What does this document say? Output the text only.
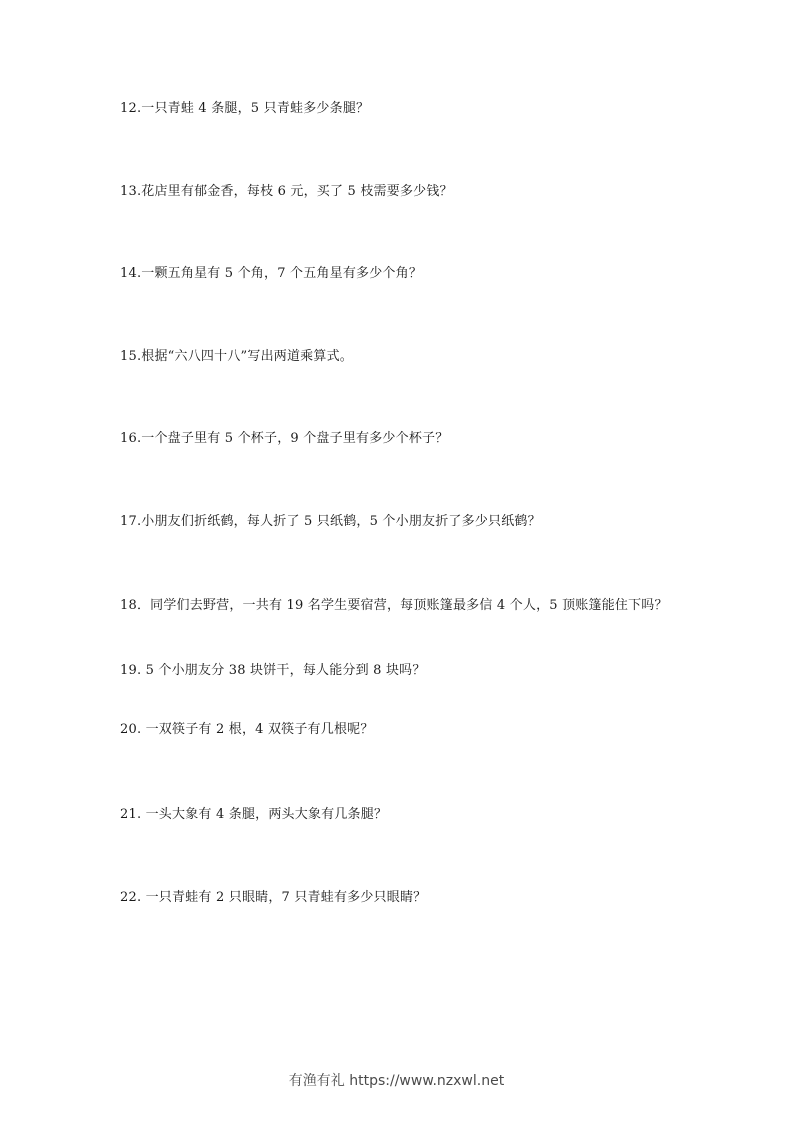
12.一只青蛙 4 条腿，5 只青蛙多少条腿？
13.花店里有郁金香，每枝 6 元，买了 5 枝需要多少钱？
14.一颗五角星有 5 个角，7 个五角星有多少个角？
15.根据“六八四十八”写出两道乘算式。
16.一个盘子里有 5 个杯子，9 个盘子里有多少个杯子？
17.小朋友们折纸鹤，每人折了 5 只纸鹤，5 个小朋友折了多少只纸鹤？
18．同学们去野营，一共有 19 名学生要宿营，每顶账篷最多信 4 个人，5 顶账篷能住下吗？
19. 5 个小朋友分 38 块饼干，每人能分到 8 块吗？
20. 一双筷子有 2 根，4 双筷子有几根呢？
21. 一头大象有 4 条腿，两头大象有几条腿？
22. 一只青蛙有 2 只眼睛，7 只青蛙有多少只眼睛？
有渔有礼 https://www.nzxwl.net
